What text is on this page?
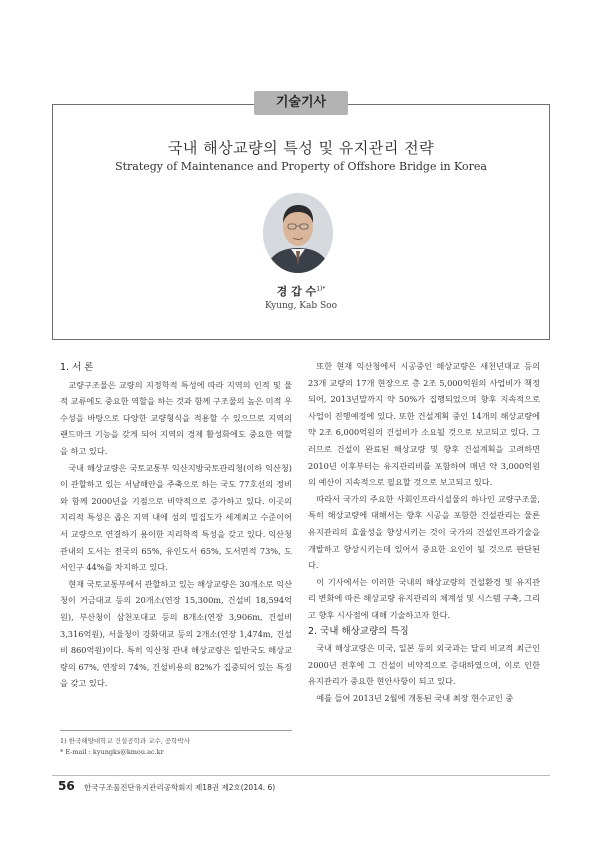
기술기사
국내 해상교량의 특성 및 유지관리 전략
Strategy of Maintenance and Property of Offshore Bridge in Korea
경 갑 수$^{1)*}$
Kyung, Kab Soo

1. 서 론

교량구조물은 교량의 지정학적 특성에 따라 지역의 인적 및 물적 교류에도 중요한 역할을 하는 것과 함께 구조물의 높은 미적 우수성을 바탕으로 다양한 교량형식을 적용할 수 있으므로 지역의 랜드마크 기능을 갖게 되어 지역의 경제 활성화에도 중요한 역할을 하고 있다.

국내 해상교량은 국토교통부 익산지방국토관리청(이하 익산청)이 관할하고 있는 서남해안을 주축으로 하는 국도 77호선의 정비와 함께 2000년을 기점으로 비약적으로 증가하고 있다. 이곳의 지리적 특성은 좁은 지역 내에 섬의 밀집도가 세계최고 수준이어서 교량으로 연결하기 용이한 지리학적 특성을 갖고 있다. 익산청 관내의 도서는 전국의 65%, 유인도서 65%, 도서면적 73%, 도서인구 44%를 차지하고 있다.

현재 국토교통부에서 관할하고 있는 해상교량은 30개소로 익산청이 거금대교 등의 20개소(연장 15,300m, 건설비 18,594억원), 부산청이 삼천포대교 등의 8개소(연장 3,906m, 건설비 3,316억원), 서울청이 강화대교 등의 2개소(연장 1,474m, 건설비 860억원)이다. 특히 익산청 관내 해상교량은 일반국도 해상교량의 67%, 연장의 74%, 건설비용의 82%가 집중되어 있는 특징을 갖고 있다.

또한 현재 익산청에서 시공중인 해상교량은 새천년대교 등의 23개 교량의 17개 현장으로 총 2조 5,000억원의 사업비가 책정되어, 2013년말까지 약 50%가 집행되었으며 향후 지속적으로 사업이 진행예정에 있다. 또한 건설계획 중인 14개의 해상교량에 약 2조 6,000억원의 건설비가 소요될 것으로 보고되고 있다. 그러므로 건설이 완료된 해상교량 및 향후 건설계획을 고려하면 2010년 이후부터는 유지관리비를 포함하여 매년 약 3,000억원의 예산이 지속적으로 필요할 것으로 보고되고 있다.

따라서 국가의 주요한 사회인프라시설물의 하나인 교량구조물, 특히 해상교량에 대해서는 향후 시공을 포함한 건설관리는 물론 유지관리의 효율성을 향상시키는 것이 국가의 건설인프라기술을 개발하고 향상시키는데 있어서 중요한 요인이 될 것으로 판단된다.

이 기사에서는 이러한 국내의 해상교량의 건설환경 및 유지관리 변화에 따른 해상교량 유지관리의 체계성 및 시스템 구축, 그리고 향후 시사점에 대해 기술하고자 한다.

2. 국내 해상교량의 특징

국내 해상교량은 미국, 일본 등의 외국과는 달리 비교적 최근인 2000년 전후에 그 건설이 비약적으로 증대하였으며, 이로 인한 유지관리가 중요한 현안사항이 되고 있다.

예를 들어 2013년 2월에 개통된 국내 최장 현수교인 중

1) 한국해양대학교 건설공학과 교수, 공학박사
* E-mail : kyungks@kmou.ac.kr
56 한국구조물진단유지관리공학회지 제18권 제2호(2014. 6)
